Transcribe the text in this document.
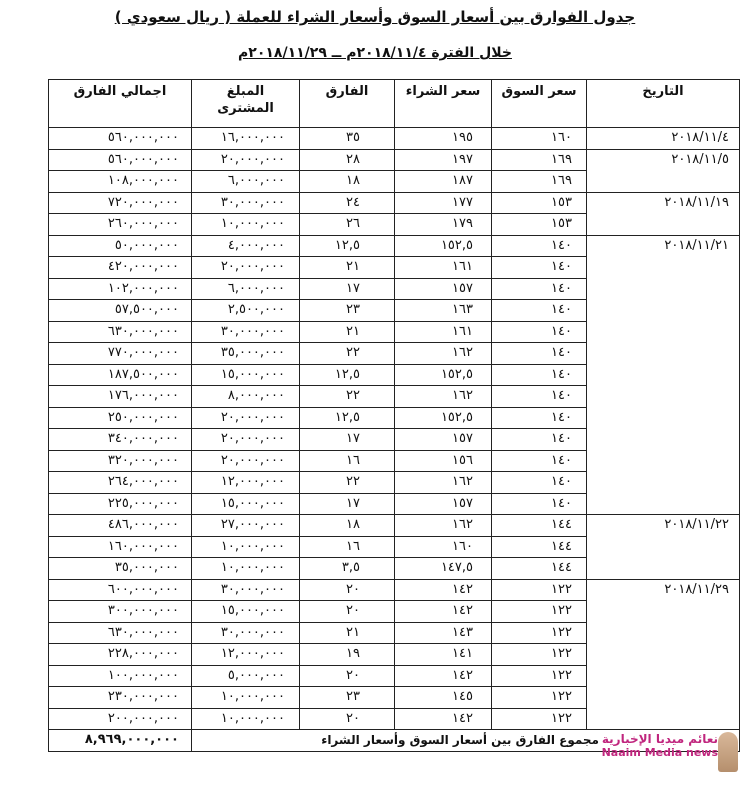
جدول الفوارق بين أسعار السوق وأسعار الشراء للعملة ( ريال سعودي )
خلال الفترة ٢٠١٨/١١/٤م ــ ٢٠١٨/١١/٢٩م
التاريخ	سعر السوق	سعر الشراء	الفارق	المبلغ المشترى	اجمالي الفارق
٢٠١٨/١١/٤	١٦٠	١٩٥	٣٥	١٦,٠٠٠,٠٠٠	٥٦٠,٠٠٠,٠٠٠
٢٠١٨/١١/٥	١٦٩	١٩٧	٢٨	٢٠,٠٠٠,٠٠٠	٥٦٠,٠٠٠,٠٠٠
	١٦٩	١٨٧	١٨	٦,٠٠٠,٠٠٠	١٠٨,٠٠٠,٠٠٠
٢٠١٨/١١/١٩	١٥٣	١٧٧	٢٤	٣٠,٠٠٠,٠٠٠	٧٢٠,٠٠٠,٠٠٠
	١٥٣	١٧٩	٢٦	١٠,٠٠٠,٠٠٠	٢٦٠,٠٠٠,٠٠٠
٢٠١٨/١١/٢١	١٤٠	١٥٢,٥	١٢,٥	٤,٠٠٠,٠٠٠	٥٠,٠٠٠,٠٠٠
	١٤٠	١٦١	٢١	٢٠,٠٠٠,٠٠٠	٤٢٠,٠٠٠,٠٠٠
	١٤٠	١٥٧	١٧	٦,٠٠٠,٠٠٠	١٠٢,٠٠٠,٠٠٠
	١٤٠	١٦٣	٢٣	٢,٥٠٠,٠٠٠	٥٧,٥٠٠,٠٠٠
	١٤٠	١٦١	٢١	٣٠,٠٠٠,٠٠٠	٦٣٠,٠٠٠,٠٠٠
	١٤٠	١٦٢	٢٢	٣٥,٠٠٠,٠٠٠	٧٧٠,٠٠٠,٠٠٠
	١٤٠	١٥٢,٥	١٢,٥	١٥,٠٠٠,٠٠٠	١٨٧,٥٠٠,٠٠٠
	١٤٠	١٦٢	٢٢	٨,٠٠٠,٠٠٠	١٧٦,٠٠٠,٠٠٠
	١٤٠	١٥٢,٥	١٢,٥	٢٠,٠٠٠,٠٠٠	٢٥٠,٠٠٠,٠٠٠
	١٤٠	١٥٧	١٧	٢٠,٠٠٠,٠٠٠	٣٤٠,٠٠٠,٠٠٠
	١٤٠	١٥٦	١٦	٢٠,٠٠٠,٠٠٠	٣٢٠,٠٠٠,٠٠٠
	١٤٠	١٦٢	٢٢	١٢,٠٠٠,٠٠٠	٢٦٤,٠٠٠,٠٠٠
	١٤٠	١٥٧	١٧	١٥,٠٠٠,٠٠٠	٢٢٥,٠٠٠,٠٠٠
٢٠١٨/١١/٢٢	١٤٤	١٦٢	١٨	٢٧,٠٠٠,٠٠٠	٤٨٦,٠٠٠,٠٠٠
	١٤٤	١٦٠	١٦	١٠,٠٠٠,٠٠٠	١٦٠,٠٠٠,٠٠٠
	١٤٤	١٤٧,٥	٣,٥	١٠,٠٠٠,٠٠٠	٣٥,٠٠٠,٠٠٠
٢٠١٨/١١/٢٩	١٢٢	١٤٢	٢٠	٣٠,٠٠٠,٠٠٠	٦٠٠,٠٠٠,٠٠٠
	١٢٢	١٤٢	٢٠	١٥,٠٠٠,٠٠٠	٣٠٠,٠٠٠,٠٠٠
	١٢٢	١٤٣	٢١	٣٠,٠٠٠,٠٠٠	٦٣٠,٠٠٠,٠٠٠
	١٢٢	١٤١	١٩	١٢,٠٠٠,٠٠٠	٢٢٨,٠٠٠,٠٠٠
	١٢٢	١٤٢	٢٠	٥,٠٠٠,٠٠٠	١٠٠,٠٠٠,٠٠٠
	١٢٢	١٤٥	٢٣	١٠,٠٠٠,٠٠٠	٢٣٠,٠٠٠,٠٠٠
	١٢٢	١٤٢	٢٠	١٠,٠٠٠,٠٠٠	٢٠٠,٠٠٠,٠٠٠
مجموع الفارق بين أسعار السوق وأسعار الشراء					٨,٩٦٩,٠٠٠,٠٠٠	نعائم ميديا الإخبارية
Naaim Media news
